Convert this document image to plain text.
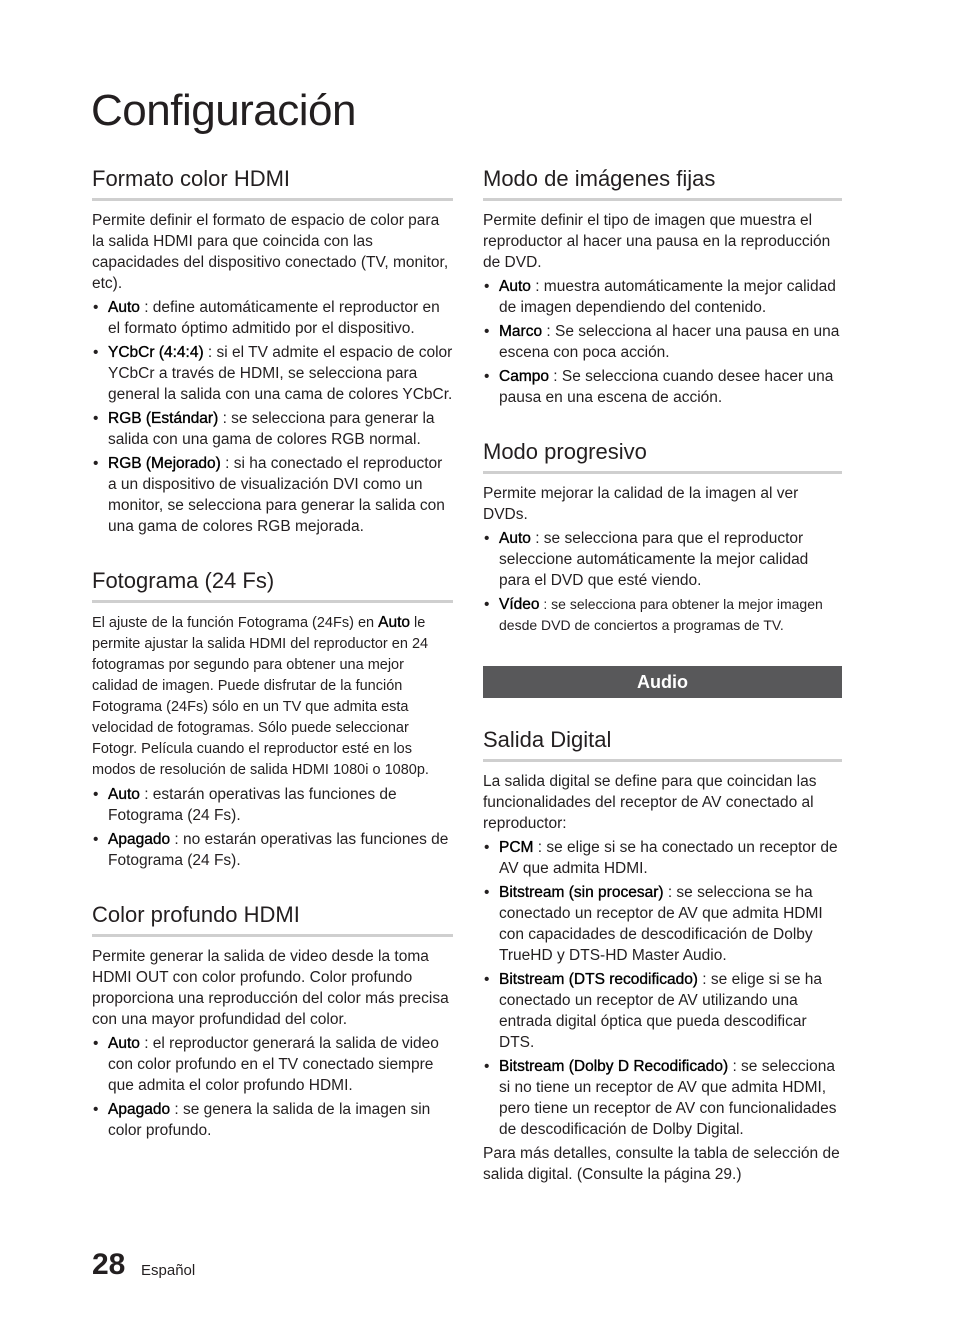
Configuración
Formato color HDMI

Permite definir el formato de espacio de color para la salida HDMI para que coincida con las capacidades del dispositivo conectado (TV, monitor, etc).

• Auto : define automáticamente el reproductor en el formato óptimo admitido por el dispositivo.
• YCbCr (4:4:4) : si el TV admite el espacio de color YCbCr a través de HDMI, se selecciona para general la salida con una cama de colores YCbCr.
• RGB (Estándar) : se selecciona para generar la salida con una gama de colores RGB normal.
• RGB (Mejorado) : si ha conectado el reproductor a un dispositivo de visualización DVI como un monitor, se selecciona para generar la salida con una gama de colores RGB mejorada.
Fotograma (24 Fs)

El ajuste de la función Fotograma (24Fs) en Auto le permite ajustar la salida HDMI del reproductor en 24 fotogramas por segundo para obtener una mejor calidad de imagen. Puede disfrutar de la función Fotograma (24Fs) sólo en un TV que admita esta velocidad de fotogramas. Sólo puede seleccionar Fotogr. Película cuando el reproductor esté en los modos de resolución de salida HDMI 1080i o 1080p.

• Auto : estarán operativas las funciones de Fotograma (24 Fs).
• Apagado : no estarán operativas las funciones de Fotograma (24 Fs).
Color profundo HDMI

Permite generar la salida de video desde la toma HDMI OUT con color profundo. Color profundo proporciona una reproducción del color más precisa con una mayor profundidad del color.

• Auto : el reproductor generará la salida de video con color profundo en el TV conectado siempre que admita el color profundo HDMI.
• Apagado : se genera la salida de la imagen sin color profundo.
Modo de imágenes fijas

Permite definir el tipo de imagen que muestra el reproductor al hacer una pausa en la reproducción de DVD.

• Auto : muestra automáticamente la mejor calidad de imagen dependiendo del contenido.
• Marco : Se selecciona al hacer una pausa en una escena con poca acción.
• Campo : Se selecciona cuando desee hacer una pausa en una escena de acción.
Modo progresivo

Permite mejorar la calidad de la imagen al ver DVDs.

• Auto : se selecciona para que el reproductor seleccione automáticamente la mejor calidad para el DVD que esté viendo.
• Vídeo : se selecciona para obtener la mejor imagen desde DVD de conciertos a programas de TV.
Audio
Salida Digital

La salida digital se define para que coincidan las funcionalidades del receptor de AV conectado al reproductor:

• PCM : se elige si se ha conectado un receptor de AV que admita HDMI.
• Bitstream (sin procesar) : se selecciona se ha conectado un receptor de AV que admita HDMI con capacidades de descodificación de Dolby TrueHD y DTS-HD Master Audio.
• Bitstream (DTS recodificado) : se elige si se ha conectado un receptor de AV utilizando una entrada digital óptica que pueda descodificar DTS.
• Bitstream (Dolby D Recodificado) : se selecciona si no tiene un receptor de AV que admita HDMI, pero tiene un receptor de AV con funcionalidades de descodificación de Dolby Digital.

Para más detalles, consulte la tabla de selección de salida digital. (Consulte la página 29.)

28 Español
